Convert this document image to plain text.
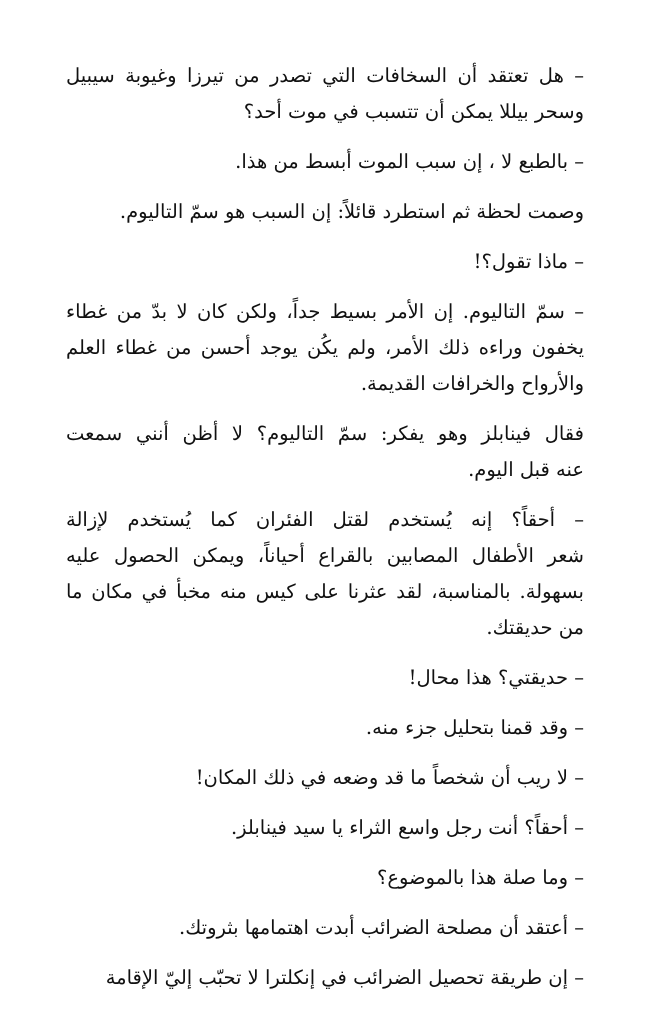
– هل تعتقد أن السخافات التي تصدر من تيرزا وغيوبة سيبيل
وسحر بيللا يمكن أن تتسبب في موت أحد؟

– بالطبع لا ، إن سبب الموت أبسط من هذا.

وصمت لحظة ثم استطرد قائلاً: إن السبب هو سمّ التاليوم.

– ماذا تقول؟!

– سمّ التاليوم. إن الأمر بسيط جداً، ولكن كان لا بدّ من غطاء
يخفون وراءه ذلك الأمر، ولم يكُن يوجد أحسن من غطاء العلم
والأرواح والخرافات القديمة.

فقال فينابلز وهو يفكر: سمّ التاليوم؟ لا أظن أنني سمعت
عنه قبل اليوم.

– أحقاً؟ إنه يُستخدم لقتل الفئران كما يُستخدم لإزالة
شعر الأطفال المصابين بالقراع أحياناً، ويمكن الحصول عليه
بسهولة. بالمناسبة، لقد عثرنا على كيس منه مخبأ في مكان ما
من حديقتك.

– حديقتي؟ هذا محال!

– وقد قمنا بتحليل جزء منه.

– لا ريب أن شخصاً ما قد وضعه في ذلك المكان!

– أحقاً؟ أنت رجل واسع الثراء يا سيد فينابلز.

– وما صلة هذا بالموضوع؟

– أعتقد أن مصلحة الضرائب أبدت اهتمامها بثروتك.

– إن طريقة تحصيل الضرائب في إنكلترا لا تحبّب إليّ الإقامة
